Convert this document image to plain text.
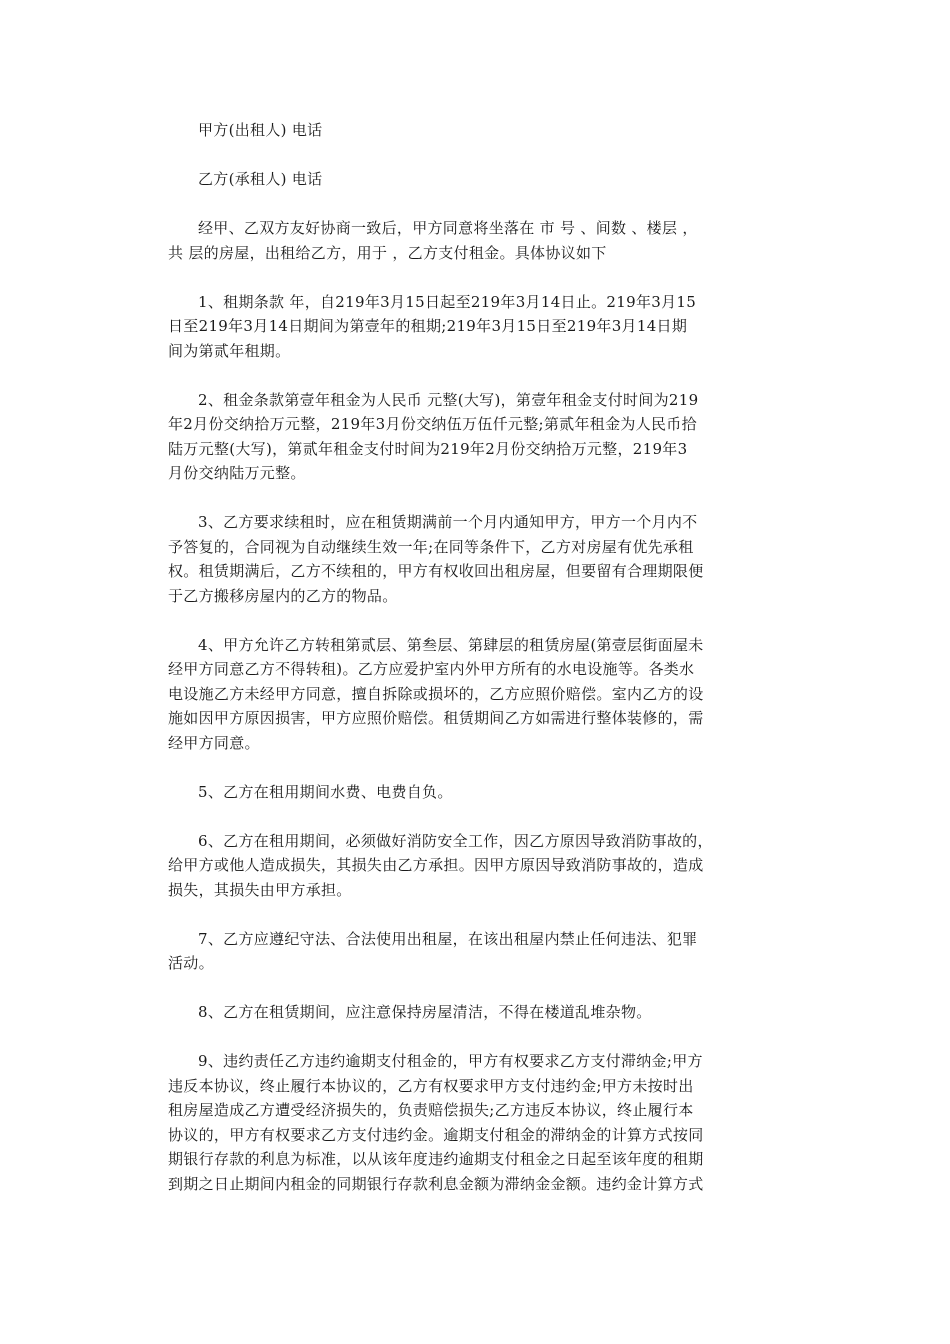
甲方(出租人) 电话

乙方(承租人) 电话

经甲、乙双方友好协商一致后，甲方同意将坐落在 市 号 、间数 、楼层 ，
共 层的房屋，出租给乙方，用于 ，乙方支付租金。具体协议如下

1、租期条款 年，自219年3月15日起至219年3月14日止。219年3月15
日至219年3月14日期间为第壹年的租期;219年3月15日至219年3月14日期
间为第贰年租期。

2、租金条款第壹年租金为人民币 元整(大写)，第壹年租金支付时间为219
年2月份交纳拾万元整，219年3月份交纳伍万伍仟元整;第贰年租金为人民币拾
陆万元整(大写)，第贰年租金支付时间为219年2月份交纳拾万元整，219年3
月份交纳陆万元整。

3、乙方要求续租时，应在租赁期满前一个月内通知甲方，甲方一个月内不
予答复的，合同视为自动继续生效一年;在同等条件下，乙方对房屋有优先承租
权。租赁期满后，乙方不续租的，甲方有权收回出租房屋，但要留有合理期限便
于乙方搬移房屋内的乙方的物品。

4、甲方允许乙方转租第贰层、第叁层、第肆层的租赁房屋(第壹层街面屋未
经甲方同意乙方不得转租)。乙方应爱护室内外甲方所有的水电设施等。各类水
电设施乙方未经甲方同意，擅自拆除或损坏的，乙方应照价赔偿。室内乙方的设
施如因甲方原因损害，甲方应照价赔偿。租赁期间乙方如需进行整体装修的，需
经甲方同意。

5、乙方在租用期间水费、电费自负。

6、乙方在租用期间，必须做好消防安全工作，因乙方原因导致消防事故的，
给甲方或他人造成损失，其损失由乙方承担。因甲方原因导致消防事故的，造成
损失，其损失由甲方承担。

7、乙方应遵纪守法、合法使用出租屋，在该出租屋内禁止任何违法、犯罪
活动。

8、乙方在租赁期间，应注意保持房屋清洁，不得在楼道乱堆杂物。

9、违约责任乙方违约逾期支付租金的，甲方有权要求乙方支付滞纳金;甲方
违反本协议，终止履行本协议的，乙方有权要求甲方支付违约金;甲方未按时出
租房屋造成乙方遭受经济损失的，负责赔偿损失;乙方违反本协议，终止履行本
协议的，甲方有权要求乙方支付违约金。逾期支付租金的滞纳金的计算方式按同
期银行存款的利息为标准，以从该年度违约逾期支付租金之日起至该年度的租期
到期之日止期间内租金的同期银行存款利息金额为滞纳金金额。违约金计算方式
